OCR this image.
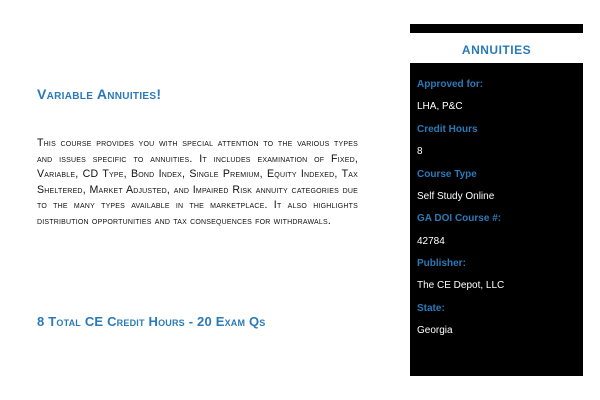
Variable Annuities!
This course provides you with special attention to the various types and issues specific to annuities. It includes examination of Fixed, Variable, CD Type, Bond Index, Single Premium, Equity Indexed, Tax Sheltered, Market Adjusted, and Impaired Risk annuity categories due to the many types available in the marketplace. It also highlights distribution opportunities and tax consequences for withdrawals.
8 Total CE Credit Hours - 20 Exam Qs
ANNUITIES
Approved for:
LHA, P&C
Credit Hours
8
Course Type
Self Study Online
GA DOI Course #:
42784
Publisher:
The CE Depot, LLC
State:
Georgia
